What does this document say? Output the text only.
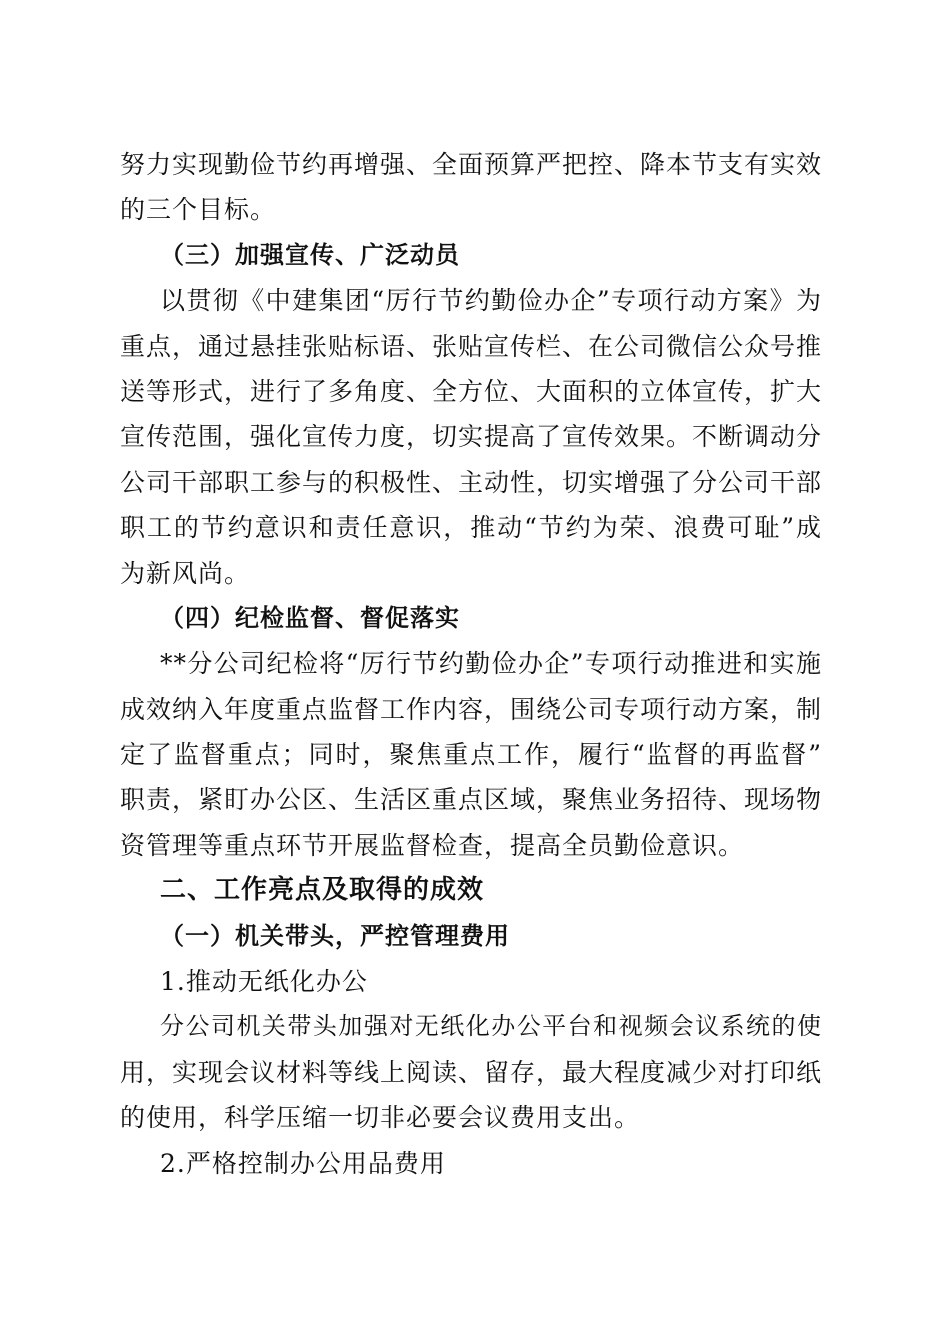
努力实现勤俭节约再增强、全面预算严把控、降本节支有实效
的三个目标。
（三）加强宣传、广泛动员
以贯彻《中建集团“厉行节约勤俭办企”专项行动方案》为
重点，通过悬挂张贴标语、张贴宣传栏、在公司微信公众号推
送等形式，进行了多角度、全方位、大面积的立体宣传，扩大
宣传范围，强化宣传力度，切实提高了宣传效果。不断调动分
公司干部职工参与的积极性、主动性，切实增强了分公司干部
职工的节约意识和责任意识，推动“节约为荣、浪费可耻”成
为新风尚。
（四）纪检监督、督促落实
**分公司纪检将“厉行节约勤俭办企”专项行动推进和实施
成效纳入年度重点监督工作内容，围绕公司专项行动方案，制
定了监督重点；同时，聚焦重点工作，履行“监督的再监督”
职责，紧盯办公区、生活区重点区域，聚焦业务招待、现场物
资管理等重点环节开展监督检查，提高全员勤俭意识。
二、工作亮点及取得的成效
（一）机关带头，严控管理费用
1.推动无纸化办公
分公司机关带头加强对无纸化办公平台和视频会议系统的使
用，实现会议材料等线上阅读、留存，最大程度减少对打印纸
的使用，科学压缩一切非必要会议费用支出。
2.严格控制办公用品费用
